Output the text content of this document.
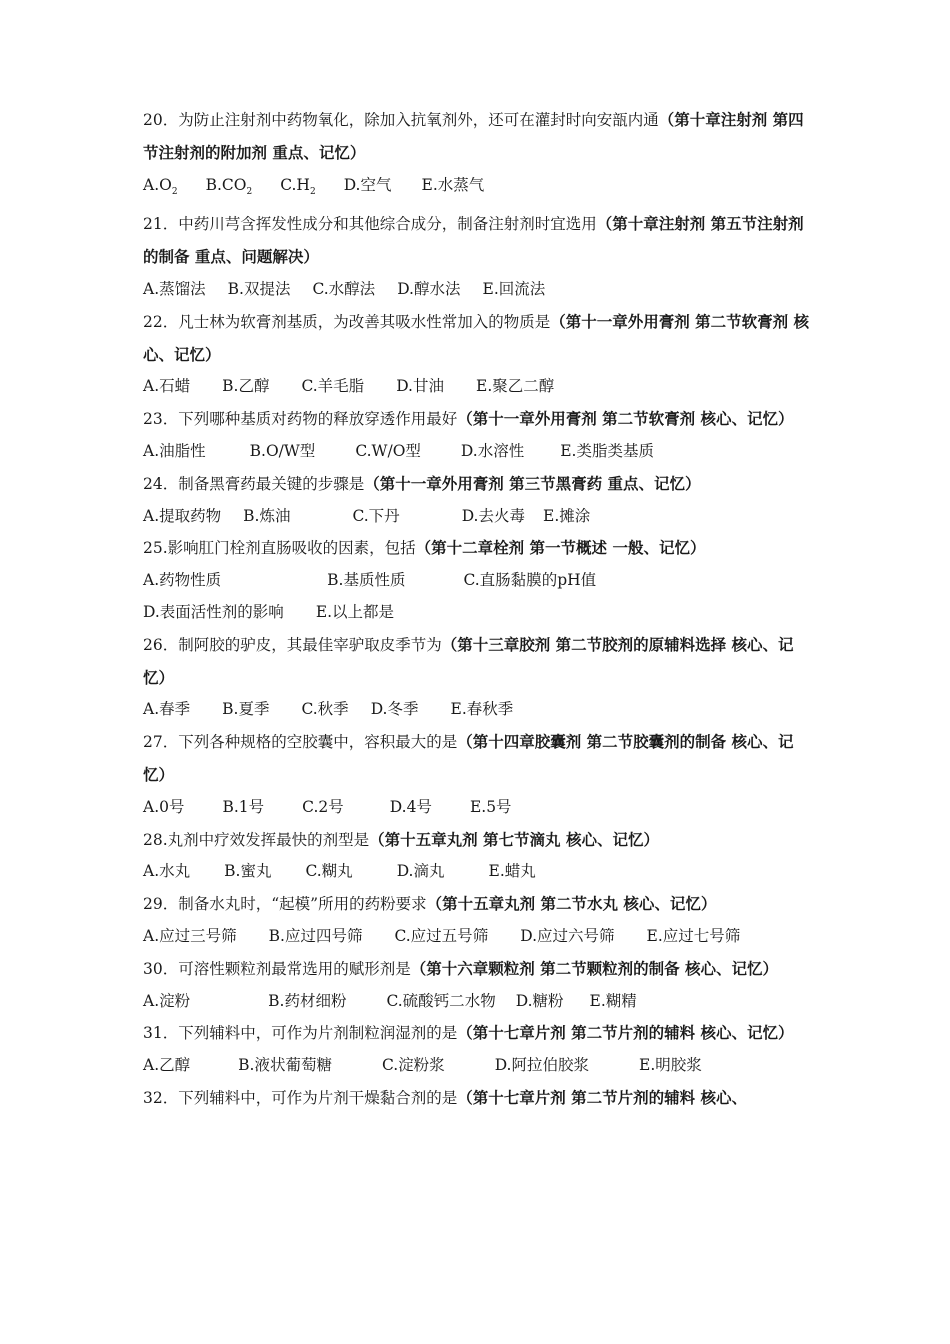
20．为防止注射剂中药物氧化，除加入抗氧剂外，还可在灌封时向安瓿内通（第十章注射剂 第四节注射剂的附加剂 重点、记忆）

$A.O_2$ $B.CO_2$ $C.H_2$ D.空气 E.水蒸气

21．中药川芎含挥发性成分和其他综合成分，制备注射剂时宜选用（第十章注射剂 第五节注射剂的制备 重点、问题解决）

A.蒸馏法 B.双提法 C.水醇法 D.醇水法 E.回流法

22．凡士林为软膏剂基质，为改善其吸水性常加入的物质是（第十一章外用膏剂 第二节软膏剂 核心、记忆）

A.石蜡 B.乙醇 C.羊毛脂 D.甘油 E.聚乙二醇

23．下列哪种基质对药物的释放穿透作用最好（第十一章外用膏剂 第二节软膏剂 核心、记忆）

A.油脂性	B.O/W型	C.W/O型	D.水溶性 E.类脂类基质

24．制备黑膏药最关键的步骤是（第十一章外用膏剂 第三节黑膏药 重点、记忆）

A.提取药物 B.炼油	C.下丹	D.去火毒 E.摊涂

25.影响肛门栓剂直肠吸收的因素，包括（第十二章栓剂 第一节概述 一般、记忆）

A.药物性质	B.基质性质	C.直肠黏膜的pH值

D.表面活性剂的影响 E.以上都是

26．制阿胶的驴皮，其最佳宰驴取皮季节为（第十三章胶剂 第二节胶剂的原辅料选择 核心、记忆）

A.春季 B.夏季 C.秋季 D.冬季 E.春秋季

27．下列各种规格的空胶囊中，容积最大的是（第十四章胶囊剂 第二节胶囊剂的制备 核心、记忆）

A.0号 B.1号 C.2号	D.4号 E.5号

28.丸剂中疗效发挥最快的剂型是（第十五章丸剂 第七节滴丸 核心、记忆）

A.水丸 B.蜜丸 C.糊丸	D.滴丸	E.蜡丸

29．制备水丸时，“起模”所用的药粉要求（第十五章丸剂 第二节水丸 核心、记忆）

A.应过三号筛 B.应过四号筛 C.应过五号筛 D.应过六号筛 E.应过七号筛

30．可溶性颗粒剂最常选用的赋形剂是（第十六章颗粒剂 第二节颗粒剂的制备 核心、记忆）

A.淀粉	B.药材细粉	C.硫酸钙二水物 D.糖粉 E.糊精

31．下列辅料中，可作为片剂制粒润湿剂的是（第十七章片剂 第二节片剂的辅料 核心、记忆）

A.乙醇	B.液状葡萄糖	C.淀粉浆	D.阿拉伯胶浆	E.明胶浆

32．下列辅料中，可作为片剂干燥黏合剂的是（第十七章片剂 第二节片剂的辅料 核心、
